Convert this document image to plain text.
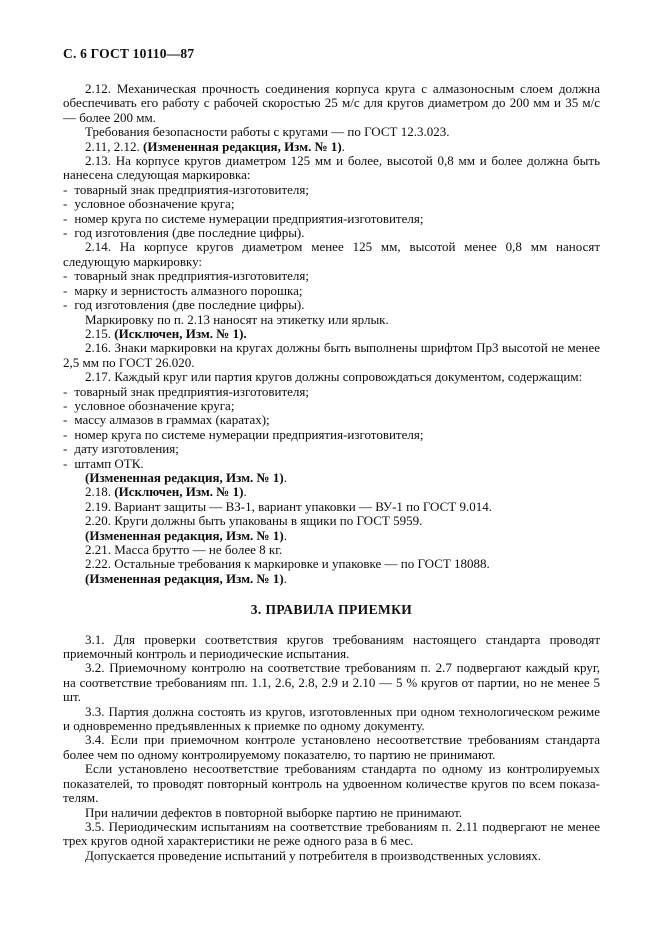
С. 6 ГОСТ 10110—87

2.12. Механическая прочность соединения корпуса круга с алмазоносным слоем должна обеспечивать его работу с рабочей скоростью 25 м/с для кругов диаметром до 200 мм и 35 м/с — более 200 мм.

Требования безопасности работы с кругами — по ГОСТ 12.3.023.

2.11, 2.12. (Измененная редакция, Изм. № 1).

2.13. На корпусе кругов диаметром 125 мм и более, высотой 0,8 мм и более должна быть нанесена следующая маркировка:

- товарный знак предприятия-изготовителя;

- условное обозначение круга;

- номер круга по системе нумерации предприятия-изготовителя;

- год изготовления (две последние цифры).

2.14. На корпусе кругов диаметром менее 125 мм, высотой менее 0,8 мм наносят следующую маркировку:

- товарный знак предприятия-изготовителя;

- марку и зернистость алмазного порошка;

- год изготовления (две последние цифры).

Маркировку по п. 2.13 наносят на этикетку или ярлык.

2.15. (Исключен, Изм. № 1).

2.16. Знаки маркировки на кругах должны быть выполнены шрифтом Пр3 высотой не менее 2,5 мм по ГОСТ 26.020.

2.17. Каждый круг или партия кругов должны сопровождаться документом, содержащим:

- товарный знак предприятия-изготовителя;

- условное обозначение круга;

- массу алмазов в граммах (каратах);

- номер круга по системе нумерации предприятия-изготовителя;

- дату изготовления;

- штамп ОТК.

(Измененная редакция, Изм. № 1).

2.18. (Исключен, Изм. № 1).

2.19. Вариант защиты — ВЗ-1, вариант упаковки — ВУ-1 по ГОСТ 9.014.

2.20. Круги должны быть упакованы в ящики по ГОСТ 5959.

(Измененная редакция, Изм. № 1).

2.21. Масса брутто — не более 8 кг.

2.22. Остальные требования к маркировке и упаковке — по ГОСТ 18088.

(Измененная редакция, Изм. № 1).

3. ПРАВИЛА ПРИЕМКИ

3.1. Для проверки соответствия кругов требованиям настоящего стандарта проводят приемочный контроль и периодические испытания.

3.2. Приемочному контролю на соответствие требованиям п. 2.7 подвергают каждый круг, на соответствие требованиям пп. 1.1, 2.6, 2.8, 2.9 и 2.10 — 5 % кругов от партии, но не менее 5 шт.

3.3. Партия должна состоять из кругов, изготовленных при одном технологическом режиме и одновременно предъявленных к приемке по одному документу.

3.4. Если при приемочном контроле установлено несоответствие требованиям стандарта более чем по одному контролируемому показателю, то партию не принимают.

Если установлено несоответствие требованиям стандарта по одному из контролируемых показателей, то проводят повторный контроль на удвоенном количестве кругов по всем показателям.

При наличии дефектов в повторной выборке партию не принимают.

3.5. Периодическим испытаниям на соответствие требованиям п. 2.11 подвергают не менее трех кругов одной характеристики не реже одного раза в 6 мес.

Допускается проведение испытаний у потребителя в производственных условиях.
